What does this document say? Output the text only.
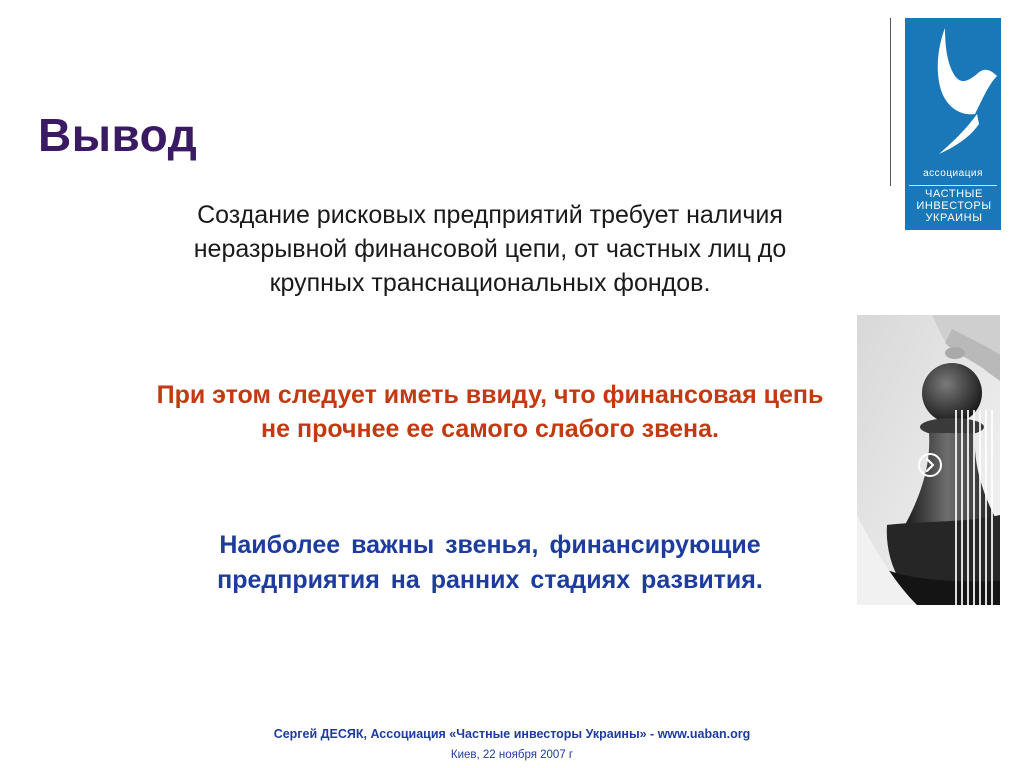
Вывод
ассоциация
ЧАСТНЫЕ
ИНВЕСТОРЫ
УКРАИНЫ
Создание рисковых предприятий требует наличия неразрывной финансовой цепи, от частных лиц до крупных транснациональных фондов.
При этом следует иметь ввиду, что финансовая цепь не прочнее ее самого слабого звена.
Наиболее важны звенья, финансирующие предприятия на ранних стадиях развития.
Сергей ДЕСЯК, Ассоциация «Частные инвесторы Украины» - www.uaban.org
Киев, 22 ноября 2007 г
